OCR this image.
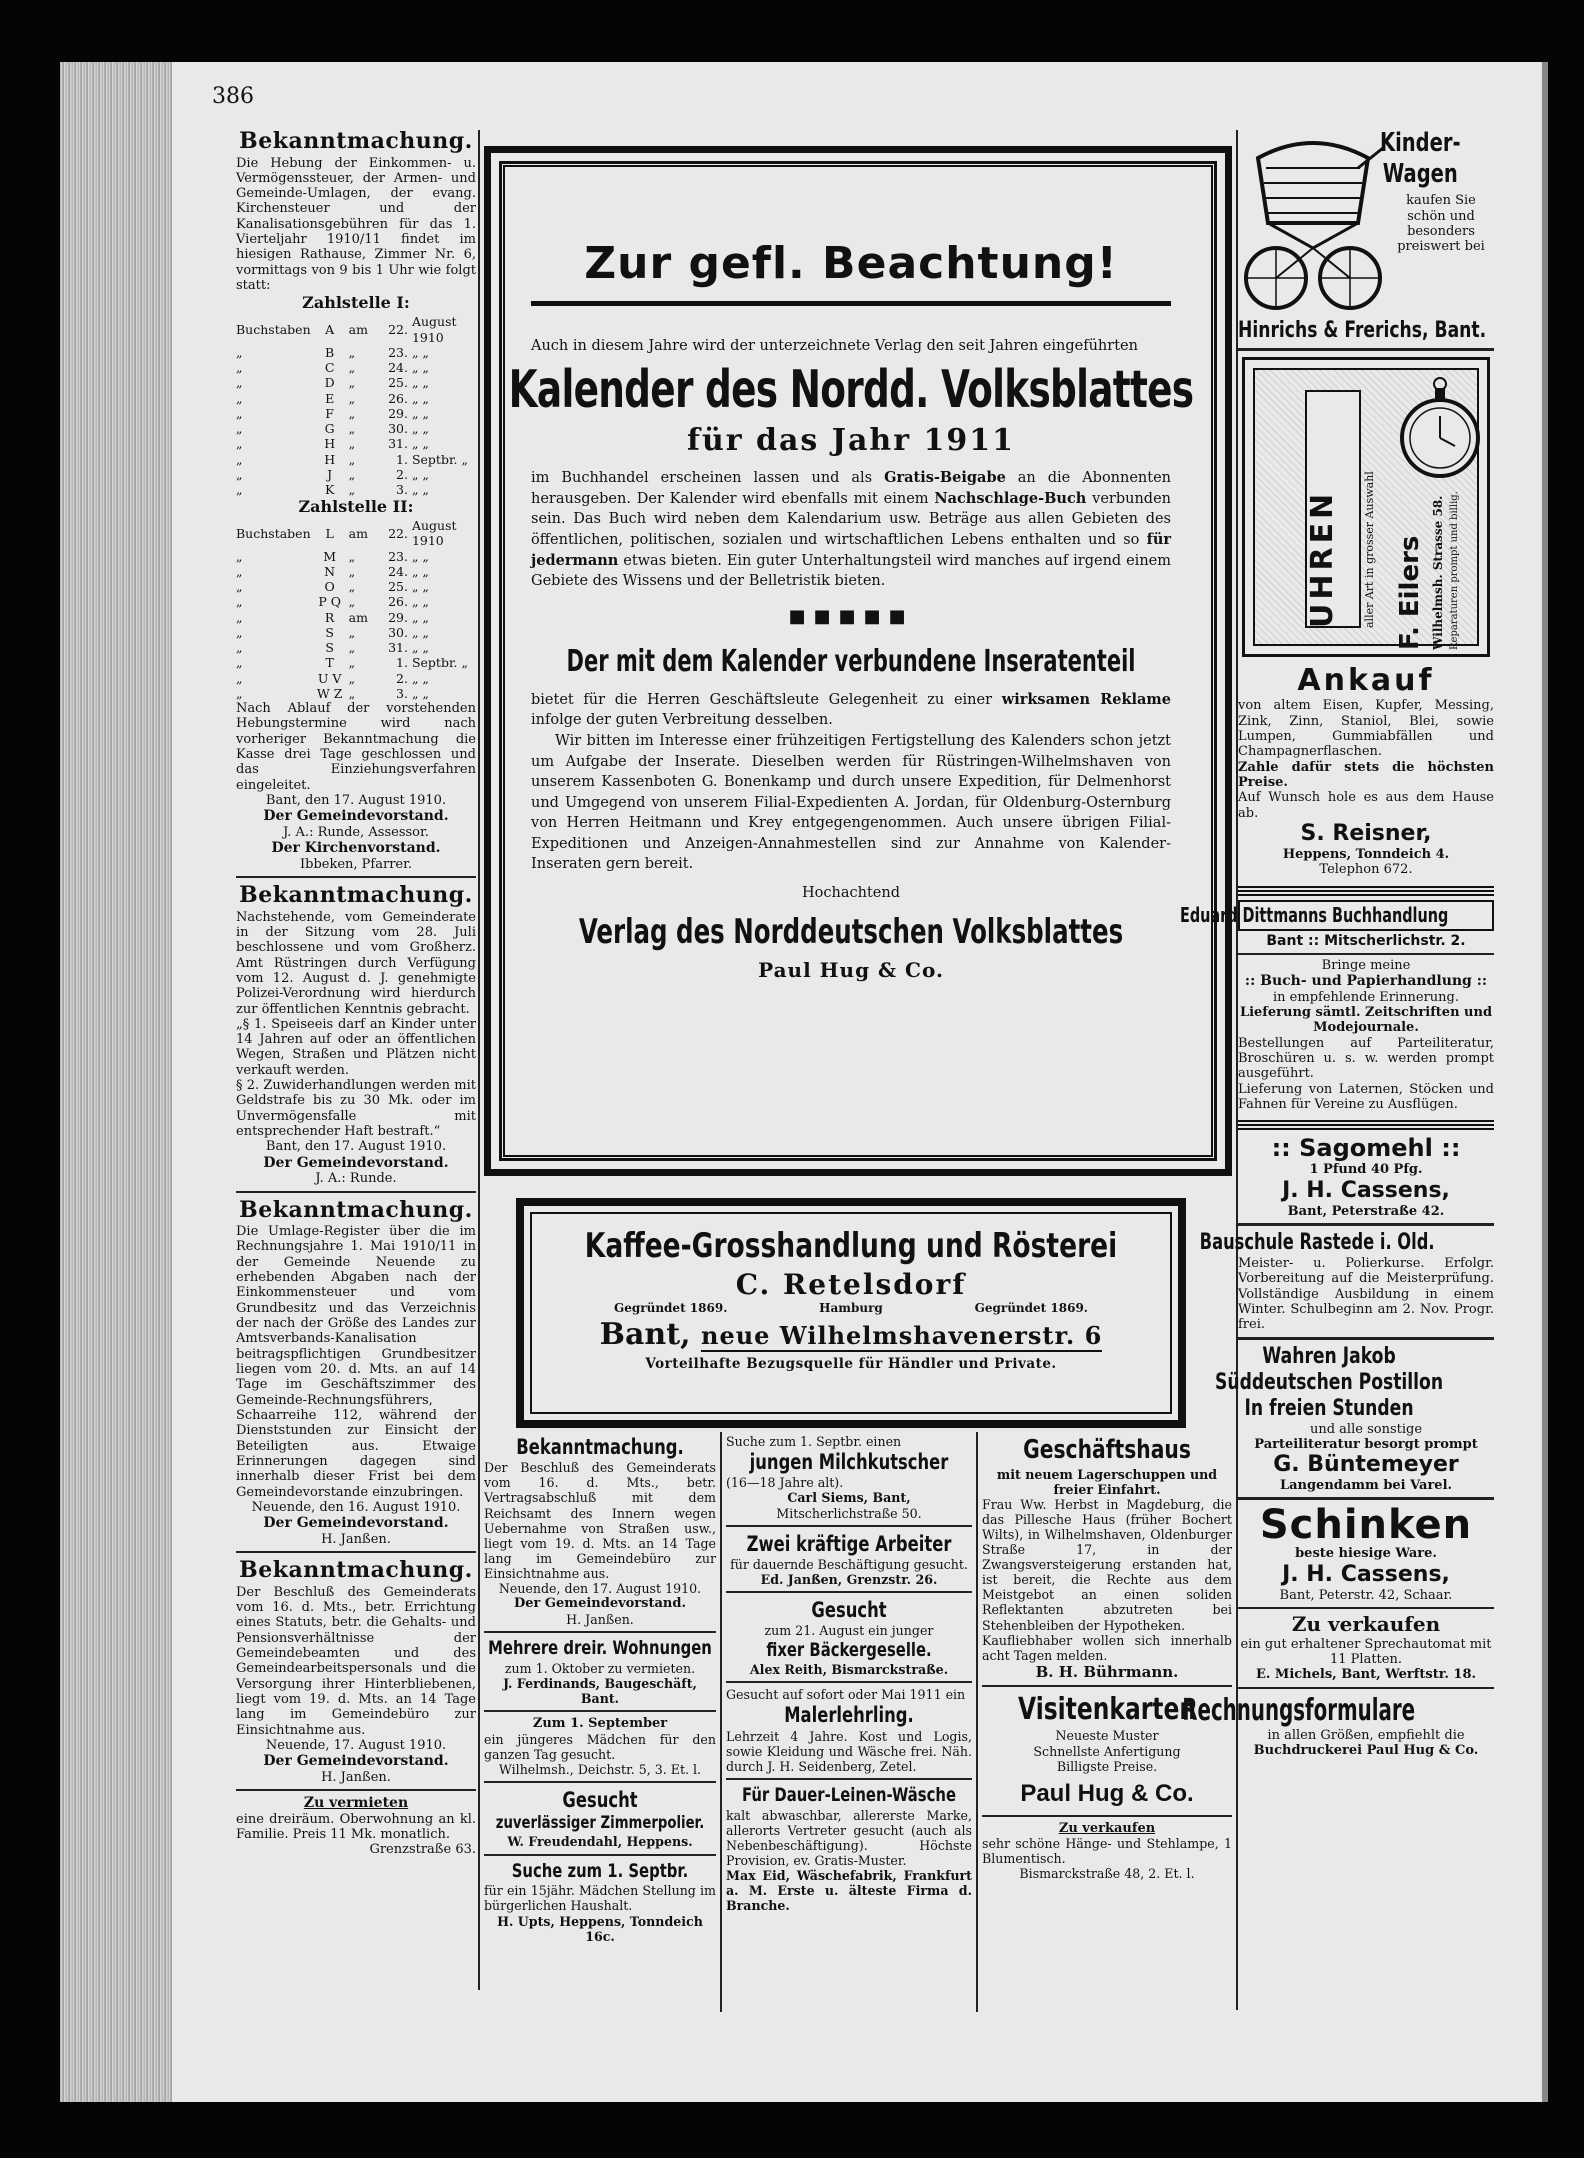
386
Bekanntmachung.

Die Hebung der Einkommen- u. Vermögenssteuer, der Armen- und Gemeinde-Umlagen, der evang. Kirchensteuer und der Kanalisationsgebühren für das 1. Vierteljahr 1910/11 findet im hiesigen Rathause, Zimmer Nr. 6, vormittags von 9 bis 1 Uhr wie folgt statt:

Zahlstelle I:
Buchstaben	A	am	22.	August 1910
„	B	„	23.	„ „
„	C	„	24.	„ „
„	D	„	25.	„ „
„	E	„	26.	„ „
„	F	„	29.	„ „
„	G	„	30.	„ „
„	H	„	31.	„ „
„	H	„	1.	Septbr. „
„	J	„	2.	„ „
„	K	„	3.	„ „
Zahlstelle II:
Buchstaben	L	am	22.	August 1910
„	M	„	23.	„ „
„	N	„	24.	„ „
„	O	„	25.	„ „
„	P Q	„	26.	„ „
„	R	am	29.	„ „
„	S	„	30.	„ „
„	S	„	31.	„ „
„	T	„	1.	Septbr. „
„	U V	„	2.	„ „
„	W Z	„	3.	„ „

Nach Ablauf der vorstehenden Hebungstermine wird nach vorheriger Bekanntmachung die Kasse drei Tage geschlossen und das Einziehungsverfahren eingeleitet.

Bant, den 17. August 1910.

Der Gemeindevorstand.

J. A.: Runde, Assessor.

Der Kirchenvorstand.

Ibbeken, Pfarrer.

Bekanntmachung.

Nachstehende, vom Gemeinderate in der Sitzung vom 28. Juli beschlossene und vom Großherz. Amt Rüstringen durch Verfügung vom 12. August d. J. genehmigte Polizei-Verordnung wird hierdurch zur öffentlichen Kenntnis gebracht.

„§ 1. Speiseeis darf an Kinder unter 14 Jahren auf oder an öffentlichen Wegen, Straßen und Plätzen nicht verkauft werden.

§ 2. Zuwiderhandlungen werden mit Geldstrafe bis zu 30 Mk. oder im Unvermögensfalle mit entsprechender Haft bestraft.“

Bant, den 17. August 1910.

Der Gemeindevorstand.

J. A.: Runde.

Bekanntmachung.

Die Umlage-Register über die im Rechnungsjahre 1. Mai 1910/11 in der Gemeinde Neuende zu erhebenden Abgaben nach der Einkommensteuer und vom Grundbesitz und das Verzeichnis der nach der Größe des Landes zur Amtsverbands-Kanalisation beitragspflichtigen Grundbesitzer liegen vom 20. d. Mts. an auf 14 Tage im Geschäftszimmer des Gemeinde-Rechnungsführers, Schaarreihe 112, während der Dienststunden zur Einsicht der Beteiligten aus. Etwaige Erinnerungen dagegen sind innerhalb dieser Frist bei dem Gemeindevorstande einzubringen.

Neuende, den 16. August 1910.

Der Gemeindevorstand.

H. Janßen.

Bekanntmachung.

Der Beschluß des Gemeinderats vom 16. d. Mts., betr. Errichtung eines Statuts, betr. die Gehalts- und Pensionsverhältnisse der Gemeindebeamten und des Gemeindearbeitspersonals und die Versorgung ihrer Hinterbliebenen, liegt vom 19. d. Mts. an 14 Tage lang im Gemeindebüro zur Einsichtnahme aus.

Neuende, 17. August 1910.

Der Gemeindevorstand.

H. Janßen.

Zu vermieten

eine dreiräum. Oberwohnung an kl. Familie. Preis 11 Mk. monatlich.

Grenzstraße 63.

Zur gefl. Beachtung!

Auch in diesem Jahre wird der unterzeichnete Verlag den seit Jahren eingeführten

Kalender des Nordd. Volksblattes
für das Jahr 1911

im Buchhandel erscheinen lassen und als Gratis-Beigabe an die Abonnenten herausgeben. Der Kalender wird ebenfalls mit einem Nachschlage-Buch verbunden sein. Das Buch wird neben dem Kalendarium usw. Beträge aus allen Gebieten des öffentlichen, politischen, sozialen und wirtschaftlichen Lebens enthalten und so für jedermann etwas bieten. Ein guter Unterhaltungsteil wird manches auf irgend einem Gebiete des Wissens und der Belletristik bieten.

■■■■■
Der mit dem Kalender verbundene Inseratenteil

bietet für die Herren Geschäftsleute Gelegenheit zu einer wirksamen Reklame infolge der guten Verbreitung desselben.

Wir bitten im Interesse einer frühzeitigen Fertigstellung des Kalenders schon jetzt um Aufgabe der Inserate. Dieselben werden für Rüstringen-Wilhelmshaven von unserem Kassenboten G. Bonenkamp und durch unsere Expedition, für Delmenhorst und Umgegend von unserem Filial-Expedienten A. Jordan, für Oldenburg-Osternburg von Herren Heitmann und Krey entgegengenommen. Auch unsere übrigen Filial-Expeditionen und Anzeigen-Annahmestellen sind zur Annahme von Kalender-Inseraten gern bereit.

Hochachtend

Verlag des Norddeutschen Volksblattes
Paul Hug & Co.
Kaffee-Grosshandlung und Rösterei
C. Retelsdorf
Gegründet 1869.	Hamburg	Gegründet 1869.
Bant, neue Wilhelmshavenerstr. 6
Vorteilhafte Bezugsquelle für Händler und Private.
Bekanntmachung.

Der Beschluß des Gemeinderats vom 16. d. Mts., betr. Vertragsabschluß mit dem Reichsamt des Innern wegen Uebernahme von Straßen usw., liegt vom 19. d. Mts. an 14 Tage lang im Gemeindebüro zur Einsichtnahme aus.

Neuende, den 17. August 1910.

Der Gemeindevorstand.

H. Janßen.

Mehrere dreir. Wohnungen

zum 1. Oktober zu vermieten.

J. Ferdinands, Baugeschäft, Bant.

Zum 1. September

ein jüngeres Mädchen für den ganzen Tag gesucht.

Wilhelmsh., Deichstr. 5, 3. Et. l.

Gesucht
zuverlässiger Zimmerpolier.

W. Freudendahl, Heppens.

Suche zum 1. Septbr.

für ein 15jähr. Mädchen Stellung im bürgerlichen Haushalt.

H. Upts, Heppens, Tonndeich 16c.

Suche zum 1. Septbr. einen

jungen Milchkutscher

(16—18 Jahre alt).

Carl Siems, Bant,

Mitscherlichstraße 50.

Zwei kräftige Arbeiter

für dauernde Beschäftigung gesucht.

Ed. Janßen, Grenzstr. 26.

Gesucht

zum 21. August ein junger

fixer Bäckergeselle.

Alex Reith, Bismarckstraße.

Gesucht auf sofort oder Mai 1911 ein

Malerlehrling.

Lehrzeit 4 Jahre. Kost und Logis, sowie Kleidung und Wäsche frei. Näh. durch J. H. Seidenberg, Zetel.

Für Dauer-Leinen-Wäsche

kalt abwaschbar, allererste Marke, allerorts Vertreter gesucht (auch als Nebenbeschäftigung). Höchste Provision, ev. Gratis-Muster.

Max Eid, Wäschefabrik, Frankfurt a. M. Erste u. älteste Firma d. Branche.

Geschäftshaus

mit neuem Lagerschuppen und freier Einfahrt.

Frau Ww. Herbst in Magdeburg, die das Pillesche Haus (früher Bochert Wilts), in Wilhelmshaven, Oldenburger Straße 17, in der Zwangsversteigerung erstanden hat, ist bereit, die Rechte aus dem Meistgebot an einen soliden Reflektanten abzutreten bei Stehenbleiben der Hypotheken.

Kaufliebhaber wollen sich innerhalb acht Tagen melden.

B. H. Bührmann.

Visitenkarten

Neueste Muster

Schnellste Anfertigung

Billigste Preise.

Paul Hug & Co.

Zu verkaufen

sehr schöne Hänge- und Stehlampe, 1 Blumentisch.

Bismarckstraße 48, 2. Et. l.

Kinder-
Wagen

kaufen Sie schön und besonders preiswert bei

Hinrichs & Frerichs, Bant.
UHREN aller Art in grosser Auswahl
F. Eilers Wilhelmsh. Strasse 58. Reparaturen prompt und billig.
Ankauf

von altem Eisen, Kupfer, Messing, Zink, Zinn, Staniol, Blei, sowie Lumpen, Gummiabfällen und Champagnerflaschen.

Zahle dafür stets die höchsten Preise.

Auf Wunsch hole es aus dem Hause ab.

S. Reisner,

Heppens, Tonndeich 4.

Telephon 672.

Eduard Dittmanns Buchhandlung

Bant :: Mitscherlichstr. 2.

Bringe meine

:: Buch- und Papierhandlung ::

in empfehlende Erinnerung.

Lieferung sämtl. Zeitschriften und Modejournale.

Bestellungen auf Parteiliteratur, Broschüren u. s. w. werden prompt ausgeführt.

Lieferung von Laternen, Stöcken und Fahnen für Vereine zu Ausflügen.

:: Sagomehl ::

1 Pfund 40 Pfg.

J. H. Cassens,

Bant, Peterstraße 42.

Bauschule Rastede i. Old.

Meister- u. Polierkurse. Erfolgr. Vorbereitung auf die Meisterprüfung. Vollständige Ausbildung in einem Winter. Schulbeginn am 2. Nov. Progr. frei.

Wahren Jakob
Süddeutschen Postillon
In freien Stunden

und alle sonstige

Parteiliteratur besorgt prompt

G. Büntemeyer

Langendamm bei Varel.

Schinken

beste hiesige Ware.

J. H. Cassens,

Bant, Peterstr. 42, Schaar.

Zu verkaufen

ein gut erhaltener Sprechautomat mit 11 Platten.

E. Michels, Bant, Werftstr. 18.

Rechnungsformulare

in allen Größen, empfiehlt die

Buchdruckerei Paul Hug & Co.
